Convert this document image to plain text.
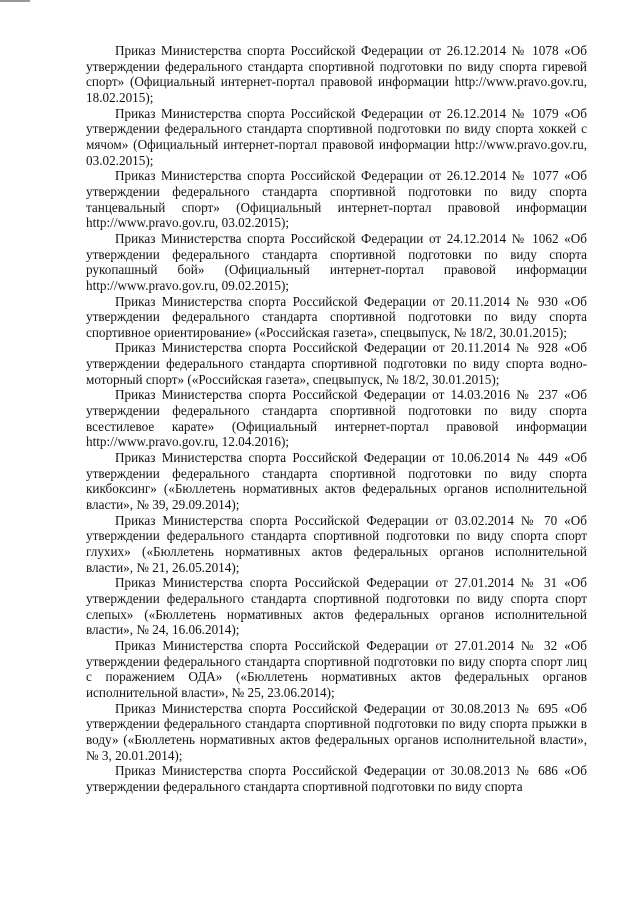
Приказ Министерства спорта Российской Федерации от 26.12.2014 № 1078 «Об утверждении федерального стандарта спортивной подготовки по виду спорта гиревой спорт» (Официальный интернет-портал правовой информации http://www.pravo.gov.ru, 18.02.2015);

Приказ Министерства спорта Российской Федерации от 26.12.2014 № 1079 «Об утверждении федерального стандарта спортивной подготовки по виду спорта хоккей с мячом» (Официальный интернет-портал правовой информации http://www.pravo.gov.ru, 03.02.2015);

Приказ Министерства спорта Российской Федерации от 26.12.2014 № 1077 «Об утверждении федерального стандарта спортивной подготовки по виду спорта танцевальный спорт» (Официальный интернет-портал правовой информации http://www.pravo.gov.ru, 03.02.2015);

Приказ Министерства спорта Российской Федерации от 24.12.2014 № 1062 «Об утверждении федерального стандарта спортивной подготовки по виду спорта рукопашный бой» (Официальный интернет-портал правовой информации http://www.pravo.gov.ru, 09.02.2015);

Приказ Министерства спорта Российской Федерации от 20.11.2014 № 930 «Об утверждении федерального стандарта спортивной подготовки по виду спорта спортивное ориентирование» («Российская газета», спецвыпуск, № 18/2, 30.01.2015);

Приказ Министерства спорта Российской Федерации от 20.11.2014 № 928 «Об утверждении федерального стандарта спортивной подготовки по виду спорта водно-моторный спорт» («Российская газета», спецвыпуск, № 18/2, 30.01.2015);

Приказ Министерства спорта Российской Федерации от 14.03.2016 № 237 «Об утверждении федерального стандарта спортивной подготовки по виду спорта всестилевое карате» (Официальный интернет-портал правовой информации http://www.pravo.gov.ru, 12.04.2016);

Приказ Министерства спорта Российской Федерации от 10.06.2014 № 449 «Об утверждении федерального стандарта спортивной подготовки по виду спорта кикбоксинг» («Бюллетень нормативных актов федеральных органов исполнительной власти», № 39, 29.09.2014);

Приказ Министерства спорта Российской Федерации от 03.02.2014 № 70 «Об утверждении федерального стандарта спортивной подготовки по виду спорта спорт глухих» («Бюллетень нормативных актов федеральных органов исполнительной власти», № 21, 26.05.2014);

Приказ Министерства спорта Российской Федерации от 27.01.2014 № 31 «Об утверждении федерального стандарта спортивной подготовки по виду спорта спорт слепых» («Бюллетень нормативных актов федеральных органов исполнительной власти», № 24, 16.06.2014);

Приказ Министерства спорта Российской Федерации от 27.01.2014 № 32 «Об утверждении федерального стандарта спортивной подготовки по виду спорта спорт лиц с поражением ОДА» («Бюллетень нормативных актов федеральных органов исполнительной власти», № 25, 23.06.2014);

Приказ Министерства спорта Российской Федерации от 30.08.2013 № 695 «Об утверждении федерального стандарта спортивной подготовки по виду спорта прыжки в воду» («Бюллетень нормативных актов федеральных органов исполнительной власти», № 3, 20.01.2014);

Приказ Министерства спорта Российской Федерации от 30.08.2013 № 686 «Об утверждении федерального стандарта спортивной подготовки по виду спорта
